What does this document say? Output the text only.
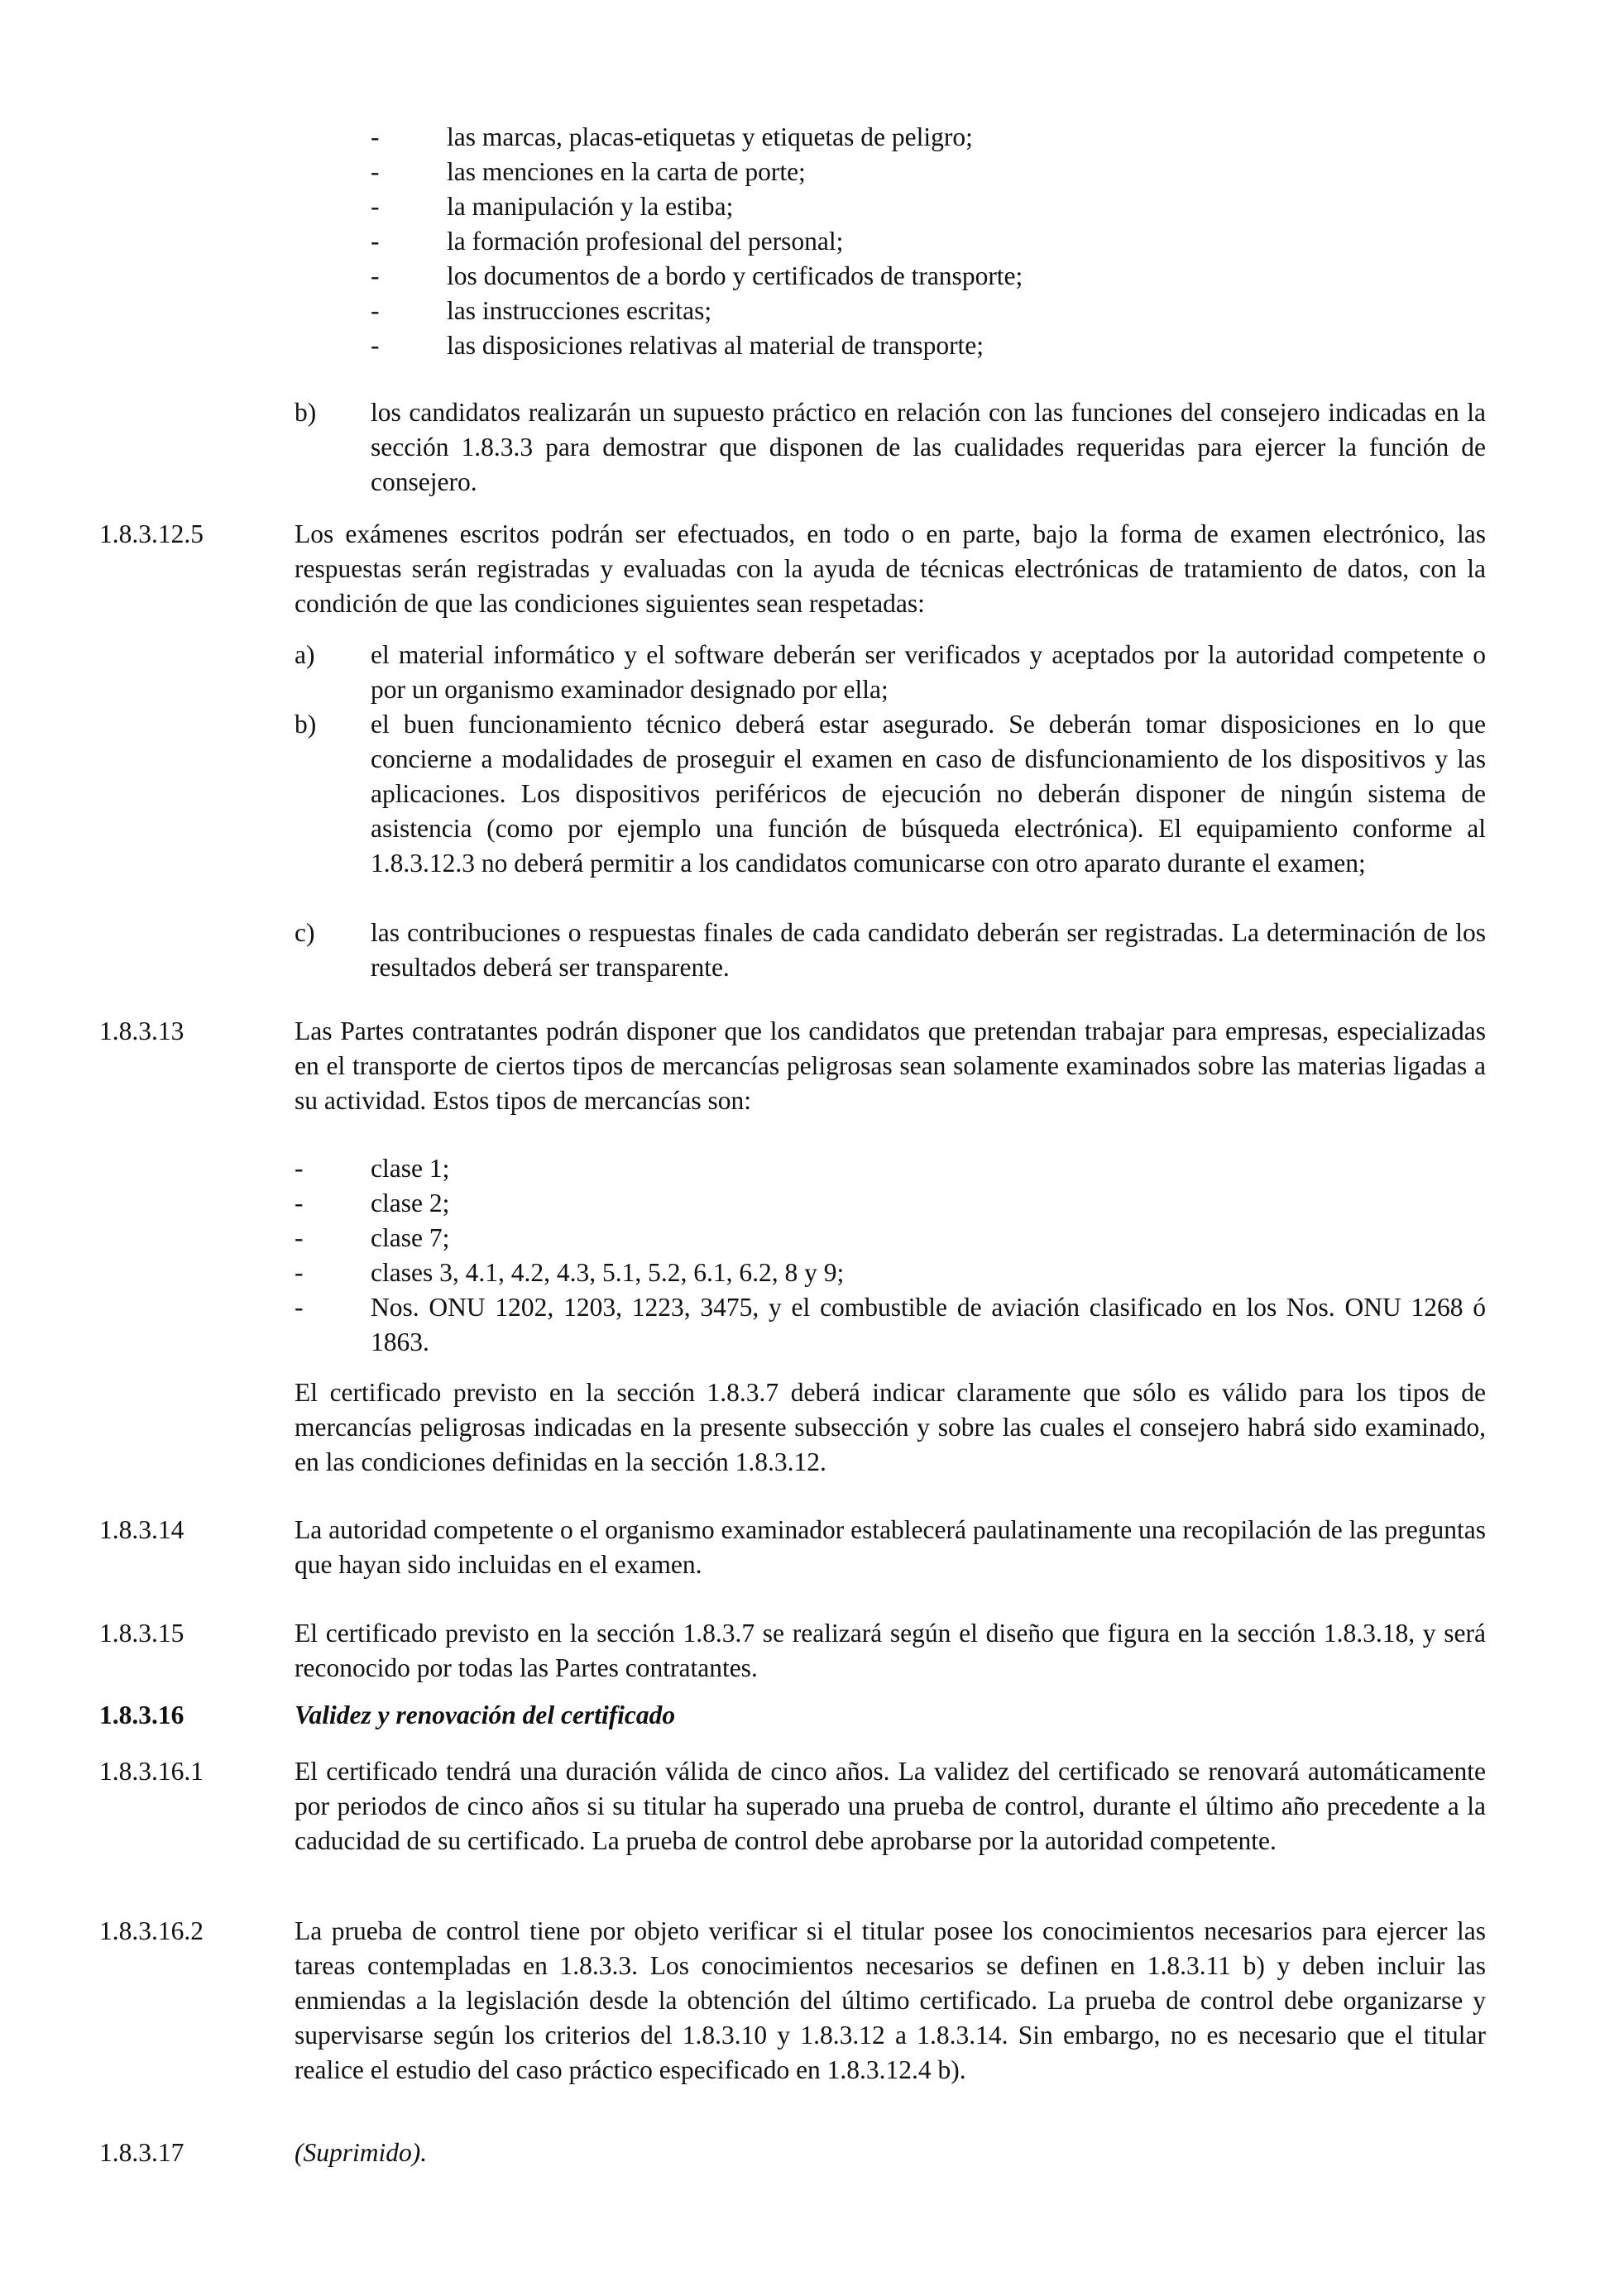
-	las marcas, placas-etiquetas y etiquetas de peligro;
-	las menciones en la carta de porte;
-	la manipulación y la estiba;
-	la formación profesional del personal;
-	los documentos de a bordo y certificados de transporte;
-	las instrucciones escritas;
-	las disposiciones relativas al material de transporte;
b) los candidatos realizarán un supuesto práctico en relación con las funciones del consejero indicadas en la sección 1.8.3.3 para demostrar que disponen de las cualidades requeridas para ejercer la función de consejero.
1.8.3.12.5	Los exámenes escritos podrán ser efectuados, en todo o en parte, bajo la forma de examen electrónico, las respuestas serán registradas y evaluadas con la ayuda de técnicas electrónicas de tratamiento de datos, con la condición de que las condiciones siguientes sean respetadas:
a) el material informático y el software deberán ser verificados y aceptados por la autoridad competente o por un organismo examinador designado por ella;
b) el buen funcionamiento técnico deberá estar asegurado. Se deberán tomar disposiciones en lo que concierne a modalidades de proseguir el examen en caso de disfuncionamiento de los dispositivos y las aplicaciones. Los dispositivos periféricos de ejecución no deberán disponer de ningún sistema de asistencia (como por ejemplo una función de búsqueda electrónica). El equipamiento conforme al 1.8.3.12.3 no deberá permitir a los candidatos comunicarse con otro aparato durante el examen;
c) las contribuciones o respuestas finales de cada candidato deberán ser registradas. La determinación de los resultados deberá ser transparente.
1.8.3.13	Las Partes contratantes podrán disponer que los candidatos que pretendan trabajar para empresas, especializadas en el transporte de ciertos tipos de mercancías peligrosas sean solamente examinados sobre las materias ligadas a su actividad. Estos tipos de mercancías son:
-	clase 1;
-	clase 2;
-	clase 7;
-	clases 3, 4.1, 4.2, 4.3, 5.1, 5.2, 6.1, 6.2, 8 y 9;
-	Nos. ONU 1202, 1203, 1223, 3475, y el combustible de aviación clasificado en los Nos. ONU 1268 ó 1863.
El certificado previsto en la sección 1.8.3.7 deberá indicar claramente que sólo es válido para los tipos de mercancías peligrosas indicadas en la presente subsección y sobre las cuales el consejero habrá sido examinado, en las condiciones definidas en la sección 1.8.3.12.
1.8.3.14	La autoridad competente o el organismo examinador establecerá paulatinamente una recopilación de las preguntas que hayan sido incluidas en el examen.
1.8.3.15	El certificado previsto en la sección 1.8.3.7 se realizará según el diseño que figura en la sección 1.8.3.18, y será reconocido por todas las Partes contratantes.
1.8.3.16	Validez y renovación del certificado
1.8.3.16.1	El certificado tendrá una duración válida de cinco años. La validez del certificado se renovará automáticamente por periodos de cinco años si su titular ha superado una prueba de control, durante el último año precedente a la caducidad de su certificado. La prueba de control debe aprobarse por la autoridad competente.
1.8.3.16.2	La prueba de control tiene por objeto verificar si el titular posee los conocimientos necesarios para ejercer las tareas contempladas en 1.8.3.3. Los conocimientos necesarios se definen en 1.8.3.11 b) y deben incluir las enmiendas a la legislación desde la obtención del último certificado. La prueba de control debe organizarse y supervisarse según los criterios del 1.8.3.10 y 1.8.3.12 a 1.8.3.14. Sin embargo, no es necesario que el titular realice el estudio del caso práctico especificado en 1.8.3.12.4 b).
1.8.3.17	(Suprimido).
